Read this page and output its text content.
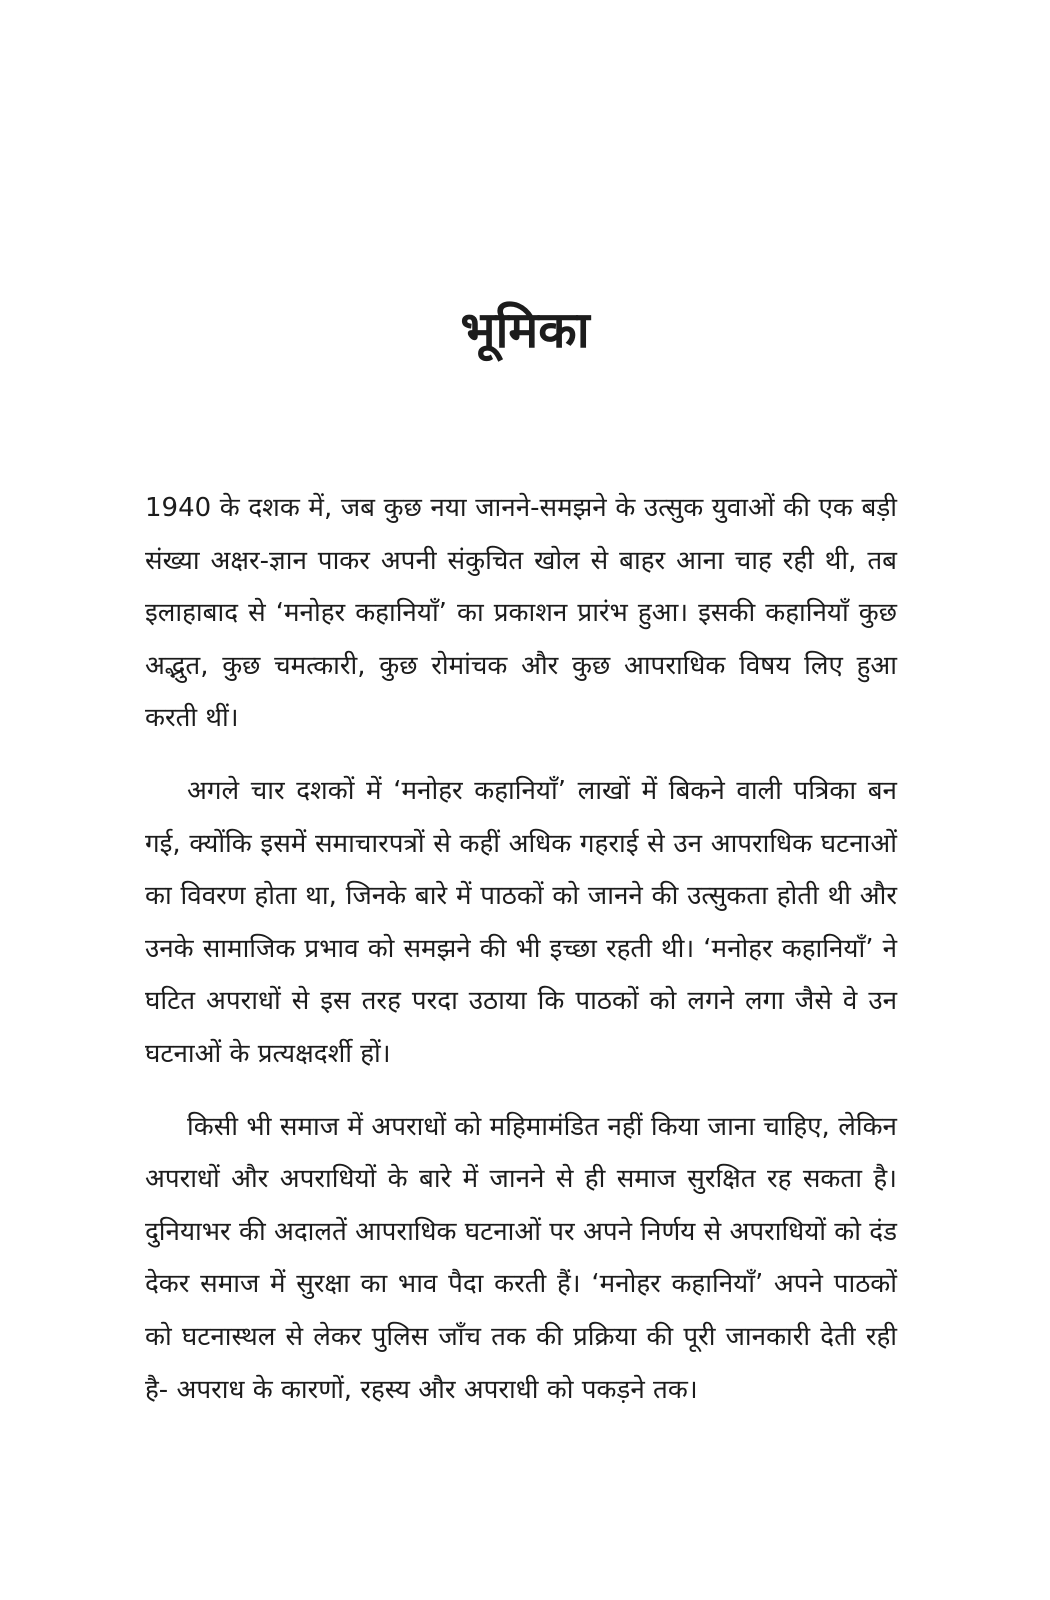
भूमिका

1940 के दशक में, जब कुछ नया जानने-समझने के उत्सुक युवाओं की एक बड़ी संख्या अक्षर-ज्ञान पाकर अपनी संकुचित खोल से बाहर आना चाह रही थी, तब इलाहाबाद से ‘मनोहर कहानियाँ’ का प्रकाशन प्रारंभ हुआ। इसकी कहानियाँ कुछ अद्भुत, कुछ चमत्कारी, कुछ रोमांचक और कुछ आपराधिक विषय लिए हुआ करती थीं।

अगले चार दशकों में ‘मनोहर कहानियाँ’ लाखों में बिकने वाली पत्रिका बन गई, क्योंकि इसमें समाचारपत्रों से कहीं अधिक गहराई से उन आपराधिक घटनाओं का विवरण होता था, जिनके बारे में पाठकों को जानने की उत्सुकता होती थी और उनके सामाजिक प्रभाव को समझने की भी इच्छा रहती थी। ‘मनोहर कहानियाँ’ ने घटित अपराधों से इस तरह परदा उठाया कि पाठकों को लगने लगा जैसे वे उन घटनाओं के प्रत्यक्षदर्शी हों।

किसी भी समाज में अपराधों को महिमामंडित नहीं किया जाना चाहिए, लेकिन अपराधों और अपराधियों के बारे में जानने से ही समाज सुरक्षित रह सकता है। दुनियाभर की अदालतें आपराधिक घटनाओं पर अपने निर्णय से अपराधियों को दंड देकर समाज में सुरक्षा का भाव पैदा करती हैं। ‘मनोहर कहानियाँ’ अपने पाठकों को घटनास्थल से लेकर पुलिस जाँच तक की प्रक्रिया की पूरी जानकारी देती रही है- अपराध के कारणों, रहस्य और अपराधी को पकड़ने तक।
